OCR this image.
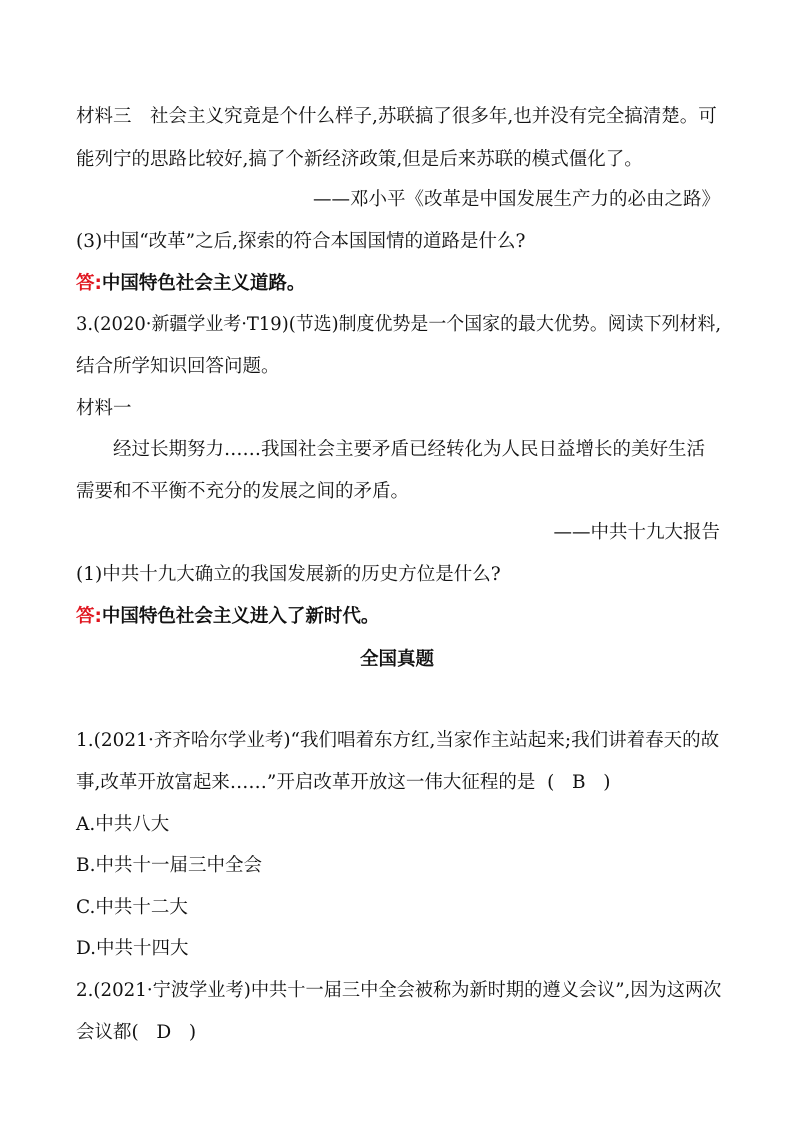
材料三　社会主义究竟是个什么样子,苏联搞了很多年,也并没有完全搞清楚。可
能列宁的思路比较好,搞了个新经济政策,但是后来苏联的模式僵化了。
——邓小平《改革是中国发展生产力的必由之路》
(3)中国“改革”之后,探索的符合本国国情的道路是什么?
答:中国特色社会主义道路。
3.(2020·新疆学业考·T19)(节选)制度优势是一个国家的最大优势。阅读下列材料,
结合所学知识回答问题。
材料一
经过长期努力……我国社会主要矛盾已经转化为人民日益增长的美好生活
需要和不平衡不充分的发展之间的矛盾。
——中共十九大报告
(1)中共十九大确立的我国发展新的历史方位是什么?
答:中国特色社会主义进入了新时代。
全国真题
1.(2021·齐齐哈尔学业考)“我们唱着东方红,当家作主站起来;我们讲着春天的故
事,改革开放富起来……”开启改革开放这一伟大征程的是  (   B   )
A.中共八大
B.中共十一届三中全会
C.中共十二大
D.中共十四大
2.(2021·宁波学业考)中共十一届三中全会被称为新时期的遵义会议”,因为这两次
会议都(   D   )
